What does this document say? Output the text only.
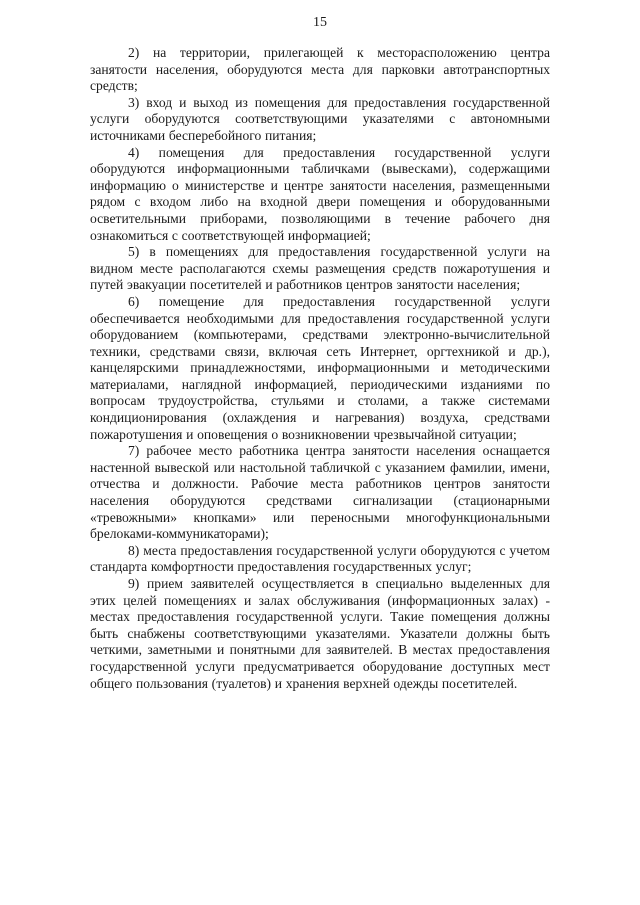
15

2) на территории, прилегающей к месторасположению центра занятости населения, оборудуются места для парковки автотранспортных средств;

3) вход и выход из помещения для предоставления государственной услуги оборудуются соответствующими указателями с автономными источниками бесперебойного питания;

4) помещения для предоставления государственной услуги оборудуются информационными табличками (вывесками), содержащими информацию о министерстве и центре занятости населения, размещенными рядом с входом либо на входной двери помещения и оборудованными осветительными приборами, позволяющими в течение рабочего дня ознакомиться с соответствующей информацией;

5) в помещениях для предоставления государственной услуги на видном месте располагаются схемы размещения средств пожаротушения и путей эвакуации посетителей и работников центров занятости населения;

6) помещение для предоставления государственной услуги обеспечивается необходимыми для предоставления государственной услуги оборудованием (компьютерами, средствами электронно-вычислительной техники, средствами связи, включая сеть Интернет, оргтехникой и др.), канцелярскими принадлежностями, информационными и методическими материалами, наглядной информацией, периодическими изданиями по вопросам трудоустройства, стульями и столами, а также системами кондиционирования (охлаждения и нагревания) воздуха, средствами пожаротушения и оповещения о возникновении чрезвычайной ситуации;

7) рабочее место работника центра занятости населения оснащается настенной вывеской или настольной табличкой с указанием фамилии, имени, отчества и должности. Рабочие места работников центров занятости населения оборудуются средствами сигнализации (стационарными «тревожными» кнопками» или переносными многофункциональными брелоками-коммуникаторами);

8) места предоставления государственной услуги оборудуются с учетом стандарта комфортности предоставления государственных услуг;

9) прием заявителей осуществляется в специально выделенных для этих целей помещениях и залах обслуживания (информационных залах) - местах предоставления государственной услуги. Такие помещения должны быть снабжены соответствующими указателями. Указатели должны быть четкими, заметными и понятными для заявителей. В местах предоставления государственной услуги предусматривается оборудование доступных мест общего пользования (туалетов) и хранения верхней одежды посетителей.
